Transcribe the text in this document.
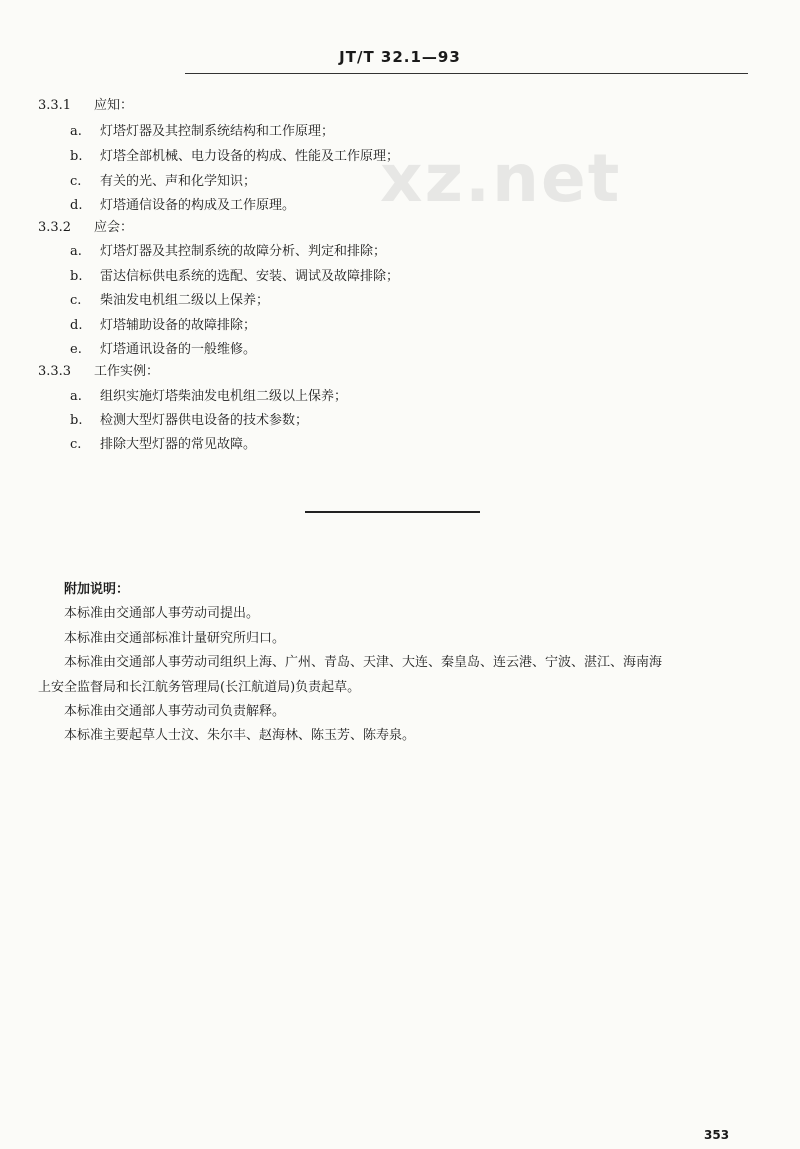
xz.net
JT/T 32.1—93
3.3.1 应知：
a. 灯塔灯器及其控制系统结构和工作原理；
b. 灯塔全部机械、电力设备的构成、性能及工作原理；
c. 有关的光、声和化学知识；
d. 灯塔通信设备的构成及工作原理。
3.3.2 应会：
a. 灯塔灯器及其控制系统的故障分析、判定和排除；
b. 雷达信标供电系统的选配、安装、调试及故障排除；
c. 柴油发电机组二级以上保养；
d. 灯塔辅助设备的故障排除；
e. 灯塔通讯设备的一般维修。
3.3.3 工作实例：
a. 组织实施灯塔柴油发电机组二级以上保养；
b. 检测大型灯器供电设备的技术参数；
c. 排除大型灯器的常见故障。
附加说明：
本标准由交通部人事劳动司提出。
本标准由交通部标准计量研究所归口。
本标准由交通部人事劳动司组织上海、广州、青岛、天津、大连、秦皇岛、连云港、宁波、湛江、海南海
上安全监督局和长江航务管理局(长江航道局)负责起草。
本标准由交通部人事劳动司负责解释。
本标准主要起草人士汶、朱尔丰、赵海林、陈玉芳、陈寿泉。
353
